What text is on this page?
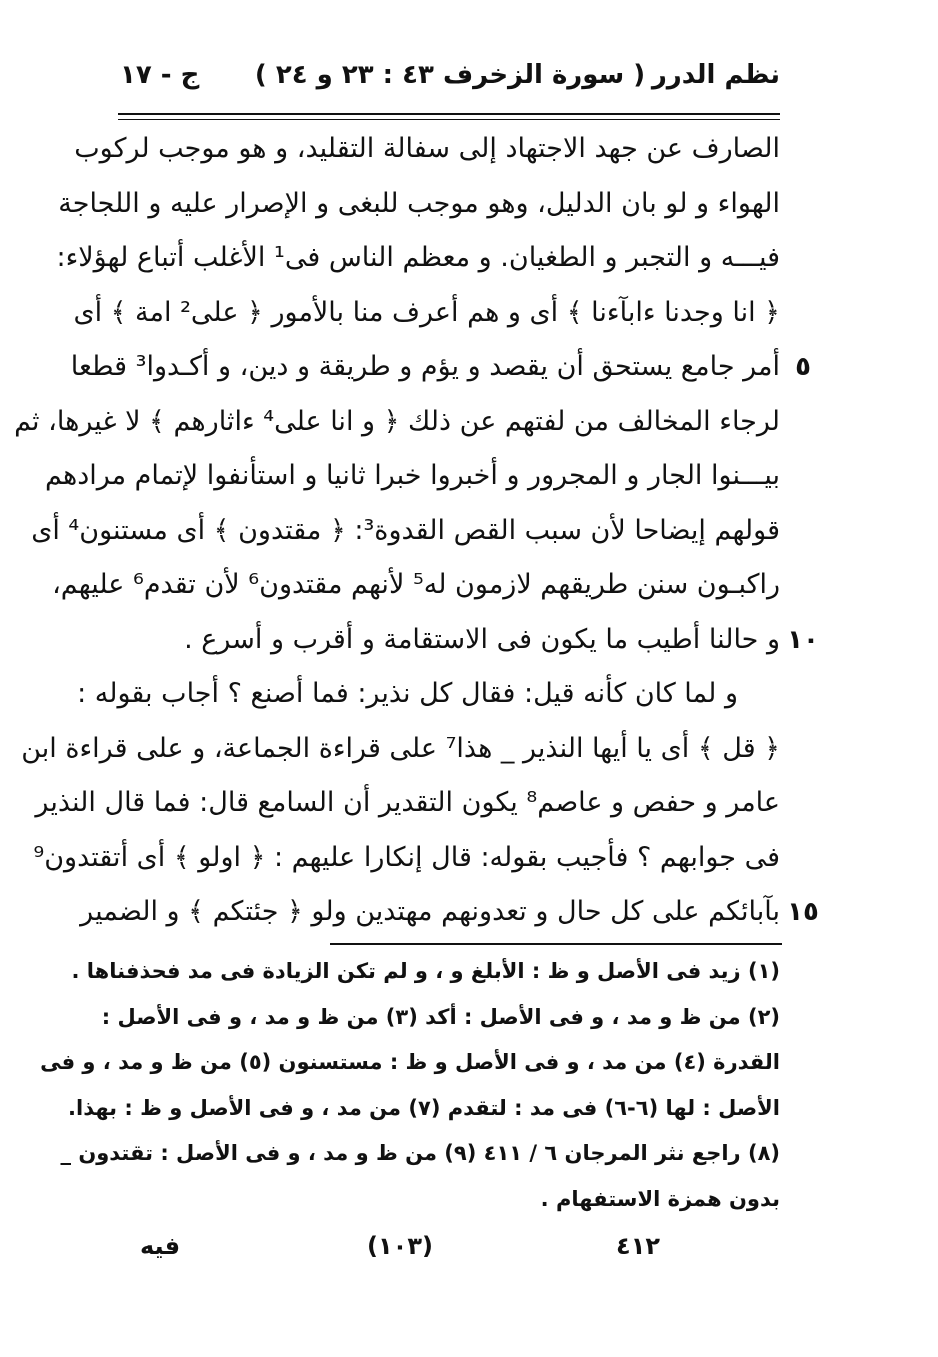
نظم الدرر
( سورة الزخرف ٤٣ : ٢٣ و ٢٤ )
ج - ١٧
الصارف عن جهد الاجتهاد إلى سفالة التقليد، و هو موجب لركوب
الهواء و لو بان الدليل، وهو موجب للبغى و الإصرار عليه و اللجاجة
فيـــه و التجبر و الطغيان. و معظم الناس فى¹ الأغلب أتباع لهؤلاء:
﴿ انا وجدنا ءابآءنا ﴾ أى و هم أعرف منا بالأمور ﴿ على² امة ﴾ أى
أمر جامع يستحق أن يقصد و يؤم و طريقة و دين، و أكـدوا³ قطعا ٥
لرجاء المخالف من لفتهم عن ذلك ﴿ و انا على⁴ ءاثارهم ﴾ لا غيرها، ثم
بيـــنوا الجار و المجرور و أخبروا خبرا ثانيا و استأنفوا لإتمام مرادهم
قولهم إيضاحا لأن سبب القص القدوة³: ﴿ مقتدون ﴾ أى مستنون⁴ أى
راكبـون سنن طريقهم لازمون له⁵ لأنهم مقتدون⁶ لأن تقدم⁶ عليهم،
و حالنا أطيب ما يكون فى الاستقامة و أقرب و أسرع . ١٠
و لما كان كأنه قيل: فقال كل نذير: فما أصنع ؟ أجاب بقوله :
﴿ قل ﴾ أى يا أيها النذير _ هذا⁷ على قراءة الجماعة، و على قراءة ابن
عامر و حفص و عاصم⁸ يكون التقدير أن السامع قال: فما قال النذير
فى جوابهم ؟ فأجيب بقوله: قال إنكارا عليهم : ﴿ اولو ﴾ أى أتقتدون⁹
بآبائكم على كل حال و تعدونهم مهتدين ولو ﴿ جئتكم ﴾ و الضمير ١٥
(١) زيد فى الأصل و ظ : الأبلغ و ، و لم تكن الزيادة فى مد فحذفناها .
(٢) من ظ و مد ، و فى الأصل : أكد (٣) من ظ و مد ، و فى الأصل :
القدرة (٤) من مد ، و فى الأصل و ظ : مستسنون (٥) من ظ و مد ، و فى
الأصل : لها (٦-٦) فى مد : لتقدم (٧) من مد ، و فى الأصل و ظ : بهذا.
(٨) راجع نثر المرجان ٦ / ٤١١ (٩) من ظ و مد ، و فى الأصل : تقتدون _
بدون همزة الاستفهام .
٤١٢
(١٠٣)
فيه
